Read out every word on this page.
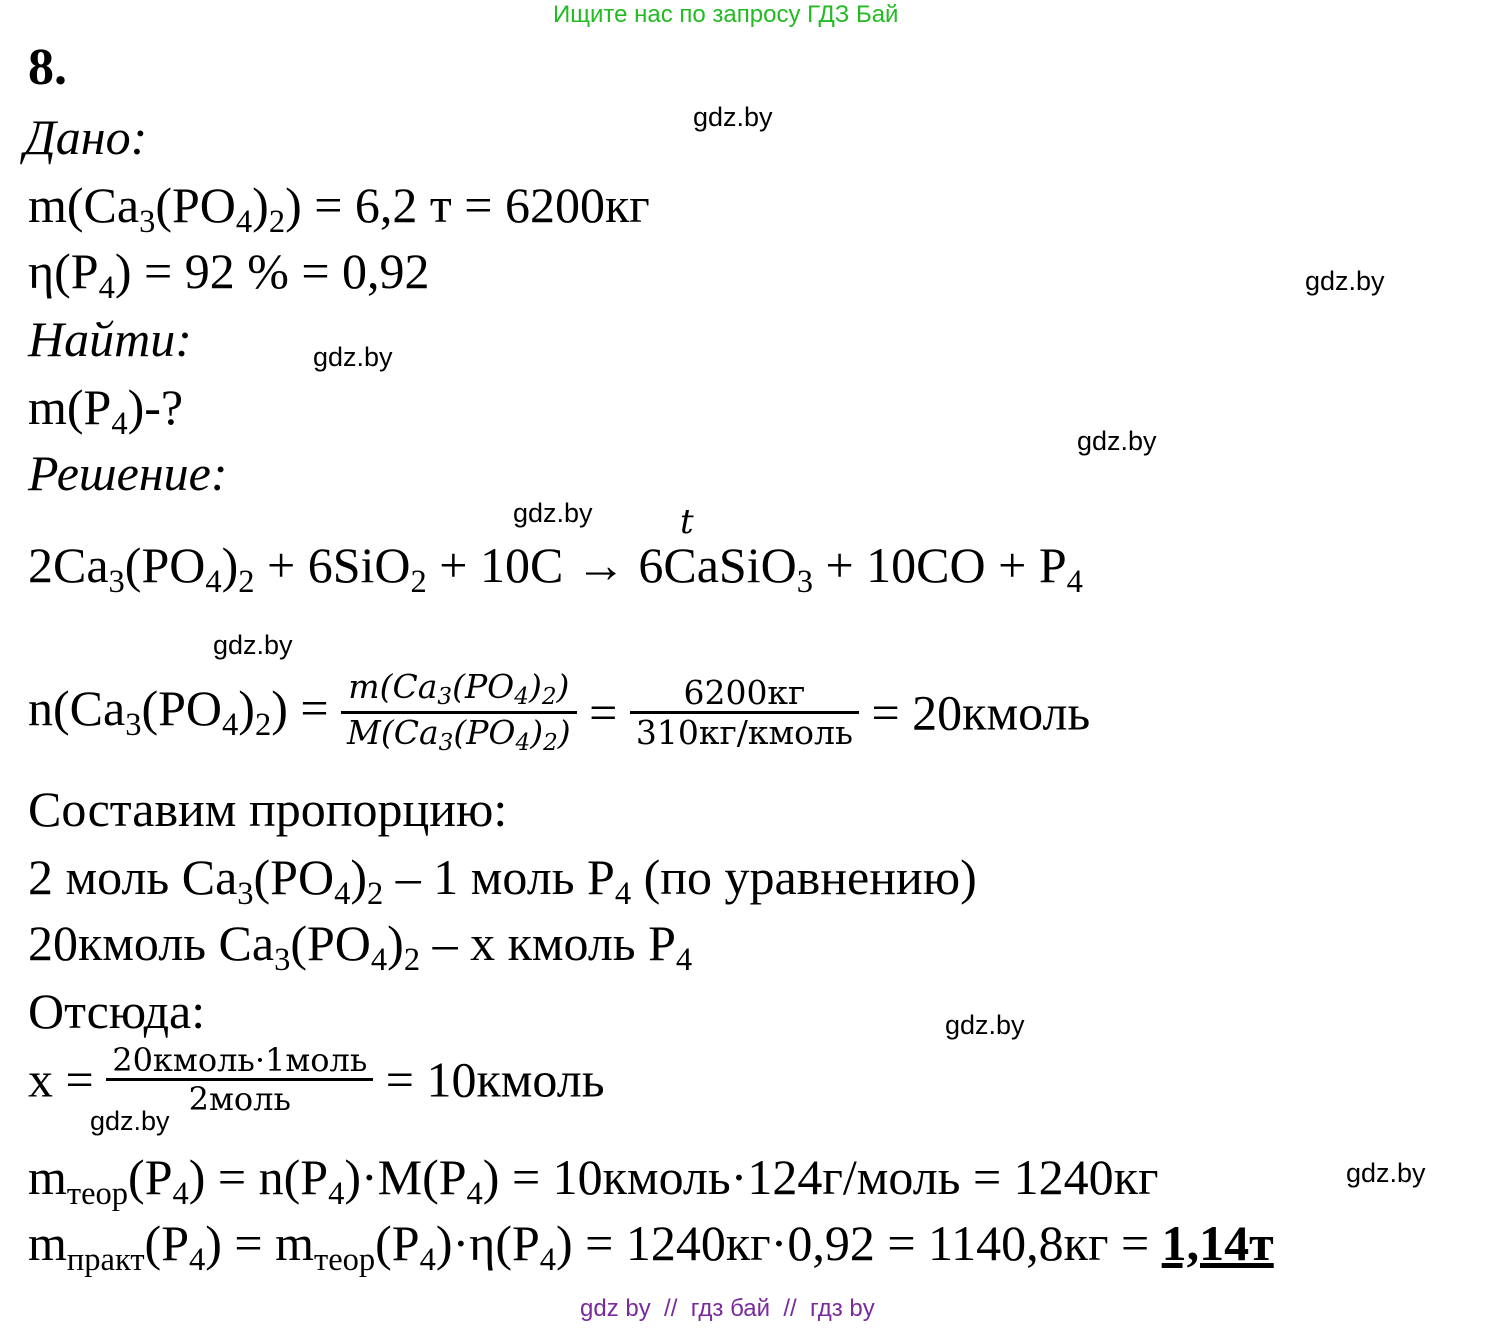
Ищите нас по запросу ГДЗ Бай
8.
Дано:
$m(Ca_3(PO_4)_2) = 6,2$ т = 6200кг
$\eta(P_4) = 92$ % = 0,92
Найти:
$m(P_4)-$?
Решение:
t
$2Ca_3(PO_4)_2 + 6SiO_2 + 10C$ → 6CaSiO$_3$ + $10CO + P_4$
$n(Ca_3(PO_4)_2) = \frac{m(Ca3(PO4)2)}{M(Ca3(PO4)2)} = \frac{6200кг}{\text{310кг/кмоль}}$ = 20кмоль
Составим пропорцию:
2 моль $Ca_3(PO_4)_2 - 1$ моль $P_4$ (по уравнению)
20кмоль $Ca_3(PO_4)_2$ – x кмоль $P_4$
Отсюда:
$x = \frac{\text{20кмоль·1моль}}{\text{2моль}}$ = 10кмоль
$m_{теор}(P_4) = n(P_4)\cdot M(P_4)$ = 10кмоль·124г/моль = 1240кг
$m_{практ}(P_4) = m_{теор}(P_4)\cdot\eta(P_4) = 1240кг\cdot 0,92 = 1140,8кг = 1,14т$
gdz.by
gdz.by
gdz.by
gdz.by
gdz.by
gdz.by
gdz.by
gdz.by
gdz.by
gdz by  //  гдз бай  //  гдз by
